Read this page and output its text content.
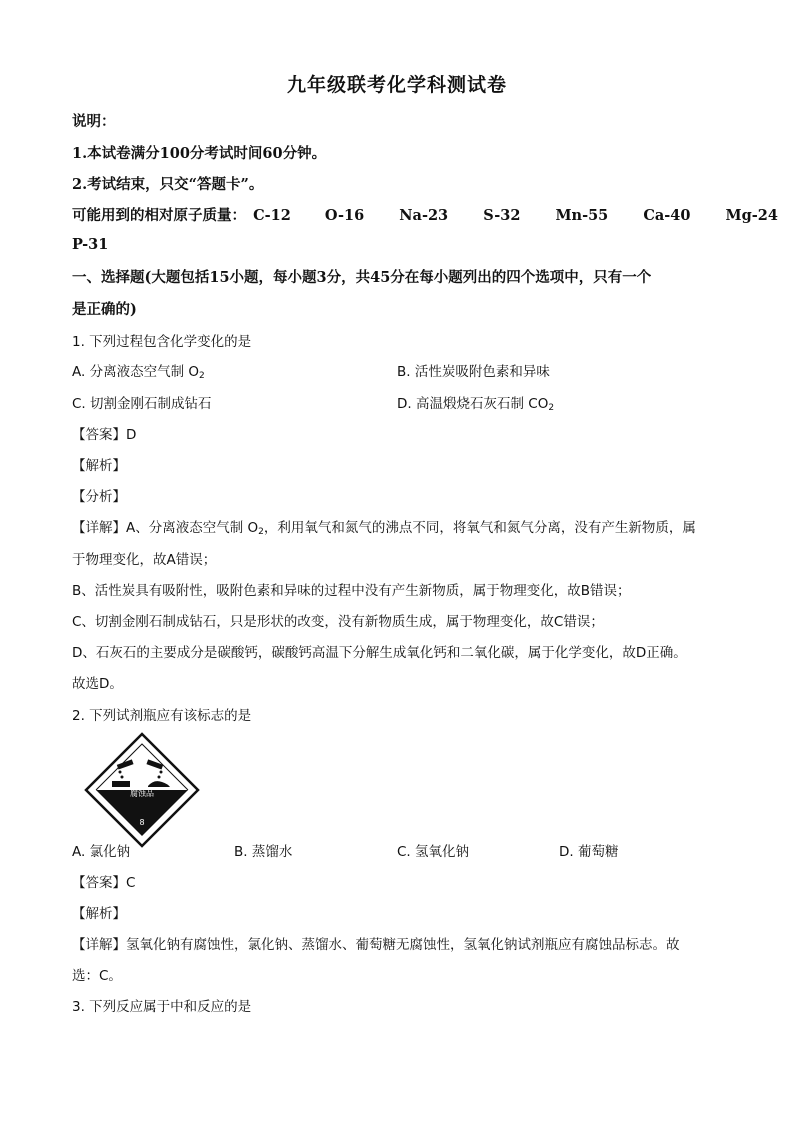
九年级联考化学科测试卷
说明：
1.本试卷满分100分考试时间60分钟。
2.考试结束，只交“答题卡”。
可能用到的相对原子质量： C-12 O-16 Na-23 S-32 Mn-55 Ca-40 Mg-24
P-31
一、选择题(大题包括15小题，每小题3分，共45分在每小题列出的四个选项中，只有一个
是正确的)
1. 下列过程包含化学变化的是
A. 分离液态空气制 $O_2$	B. 活性炭吸附色素和异味
C. 切割金刚石制成钻石	D. 高温煅烧石灰石制 $CO_2$
【答案】D
【解析】
【分析】
【详解】A、分离液态空气制 $O_2$，利用氧气和氮气的沸点不同，将氧气和氮气分离，没有产生新物质，属
于物理变化，故A错误；
B、活性炭具有吸附性，吸附色素和异味的过程中没有产生新物质，属于物理变化，故B错误；
C、切割金刚石制成钻石，只是形状的改变，没有新物质生成，属于物理变化，故C错误；
D、石灰石的主要成分是碳酸钙，碳酸钙高温下分解生成氧化钙和二氧化碳，属于化学变化，故D正确。
故选D。
2. 下列试剂瓶应有该标志的是
腐蚀品
8
A. 氯化钠	B. 蒸馏水	C. 氢氧化钠	D. 葡萄糖
【答案】C
【解析】
【详解】氢氧化钠有腐蚀性，氯化钠、蒸馏水、葡萄糖无腐蚀性，氢氧化钠试剂瓶应有腐蚀品标志。故
选：C。
3. 下列反应属于中和反应的是
